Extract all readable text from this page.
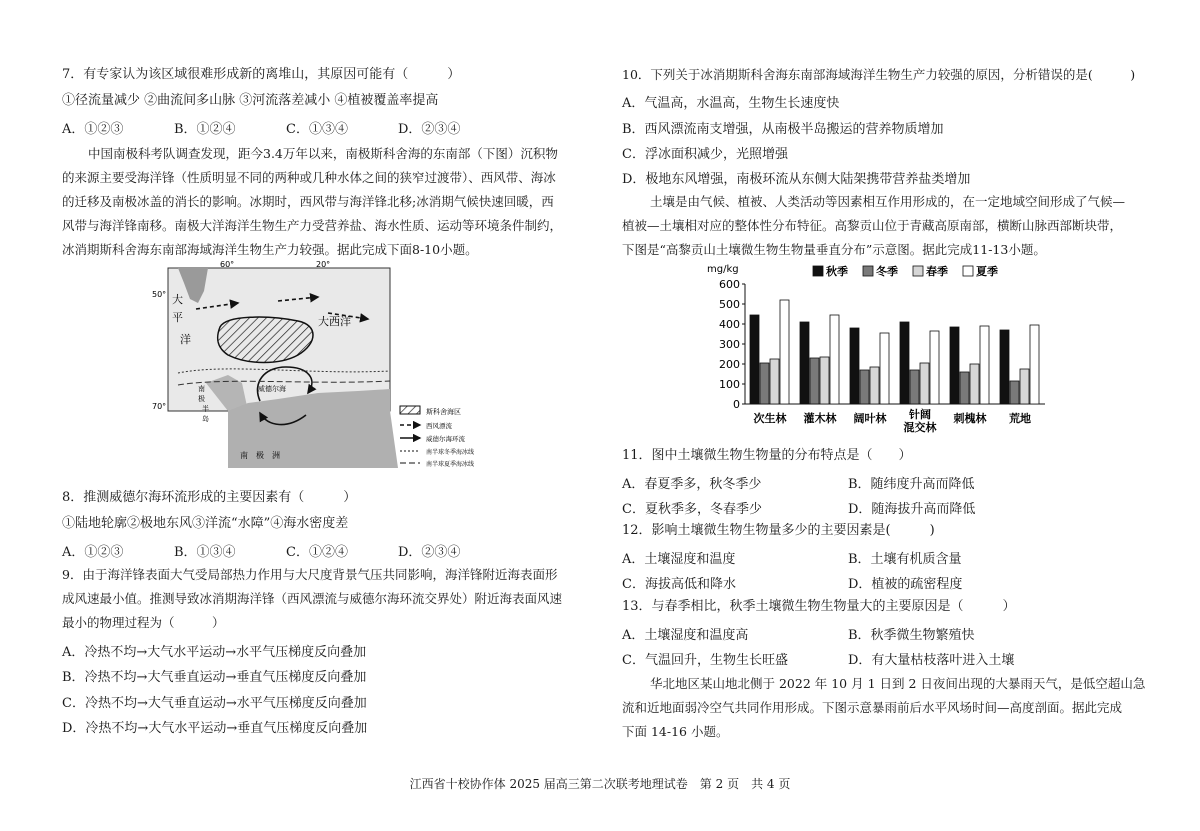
7．有专家认为该区域很难形成新的离堆山，其原因可能有（　　　）
①径流量减少 ②曲流间多山脉 ③河流落差减小 ④植被覆盖率提高
A．①②③	B．①②④	C．①③④	D．②③④
中国南极科考队调查发现，距今3.4万年以来，南极斯科舍海的东南部（下图）沉积物
的来源主要受海洋锋（性质明显不同的两种或几种水体之间的狭窄过渡带）、西风带、海冰
的迁移及南极冰盖的消长的影响。冰期时，西风带与海洋锋北移;冰消期气候快速回暖，西
风带与海洋锋南移。南极大洋海洋生物生产力受营养盐、海水性质、运动等环境条件制约，
冰消期斯科舍海东南部海域海洋生物生产力较强。据此完成下面8-10小题。
60°	20°
50°
70°
大
平
洋
大西洋
南
极
半
岛
威德尔海
南　极　洲
斯科舍海区
西风漂流
威德尔海环流
南半球冬季海冰线
南半球夏季海冰线
8．推测威德尔海环流形成的主要因素有（　　　）
①陆地轮廓②极地东风③洋流“水障”④海水密度差
A．①②③	B．①③④	C．①②④	D．②③④
9．由于海洋锋表面大气受局部热力作用与大尺度背景气压共同影响，海洋锋附近海表面形
成风速最小值。推测导致冰消期海洋锋（西风漂流与威德尔海环流交界处）附近海表面风速
最小的物理过程为（　　　）
A．冷热不均→大气水平运动→水平气压梯度反向叠加
B．冷热不均→大气垂直运动→垂直气压梯度反向叠加
C．冷热不均→大气垂直运动→水平气压梯度反向叠加
D．冷热不均→大气水平运动→垂直气压梯度反向叠加
10．下列关于冰消期斯科舍海东南部海域海洋生物生产力较强的原因，分析错误的是(　　　)
A．气温高，水温高，生物生长速度快
B．西风漂流南支增强，从南极半岛搬运的营养物质增加
C．浮冰面积减少，光照增强
D．极地东风增强，南极环流从东侧大陆架携带营养盐类增加
土壤是由气候、植被、人类活动等因素相互作用形成的，在一定地域空间形成了气候—
植被—土壤相对应的整体性分布特征。高黎贡山位于青藏高原南部，横断山脉西部断块带，
下图是“高黎贡山土壤微生物生物量垂直分布”示意图。据此完成11-13小题。
mg/kg
0
100
200
300
400
500
600
次生林 灌木林 阔叶林 针阔
混交林
刺槐林 荒地
秋季	冬季	春季	夏季
11．图中土壤微生物生物量的分布特点是（　　）
A．春夏季多，秋冬季少	B．随纬度升高而降低
C．夏秋季多，冬春季少	D．随海拔升高而降低
12．影响土壤微生物生物量多少的主要因素是(　　　)
A．土壤湿度和温度	B．土壤有机质含量
C．海拔高低和降水	D．植被的疏密程度
13．与春季相比，秋季土壤微生物生物量大的主要原因是（　　　）
A．土壤湿度和温度高	B．秋季微生物繁殖快
C．气温回升，生物生长旺盛	D．有大量枯枝落叶进入土壤
华北地区某山地北侧于 2022 年 10 月 1 日到 2 日夜间出现的大暴雨天气，是低空超山急
流和近地面弱冷空气共同作用形成。下图示意暴雨前后水平风场时间—高度剖面。据此完成
下面 14-16 小题。
江西省十校协作体 2025 届高三第二次联考地理试卷　第 2 页　共 4 页
